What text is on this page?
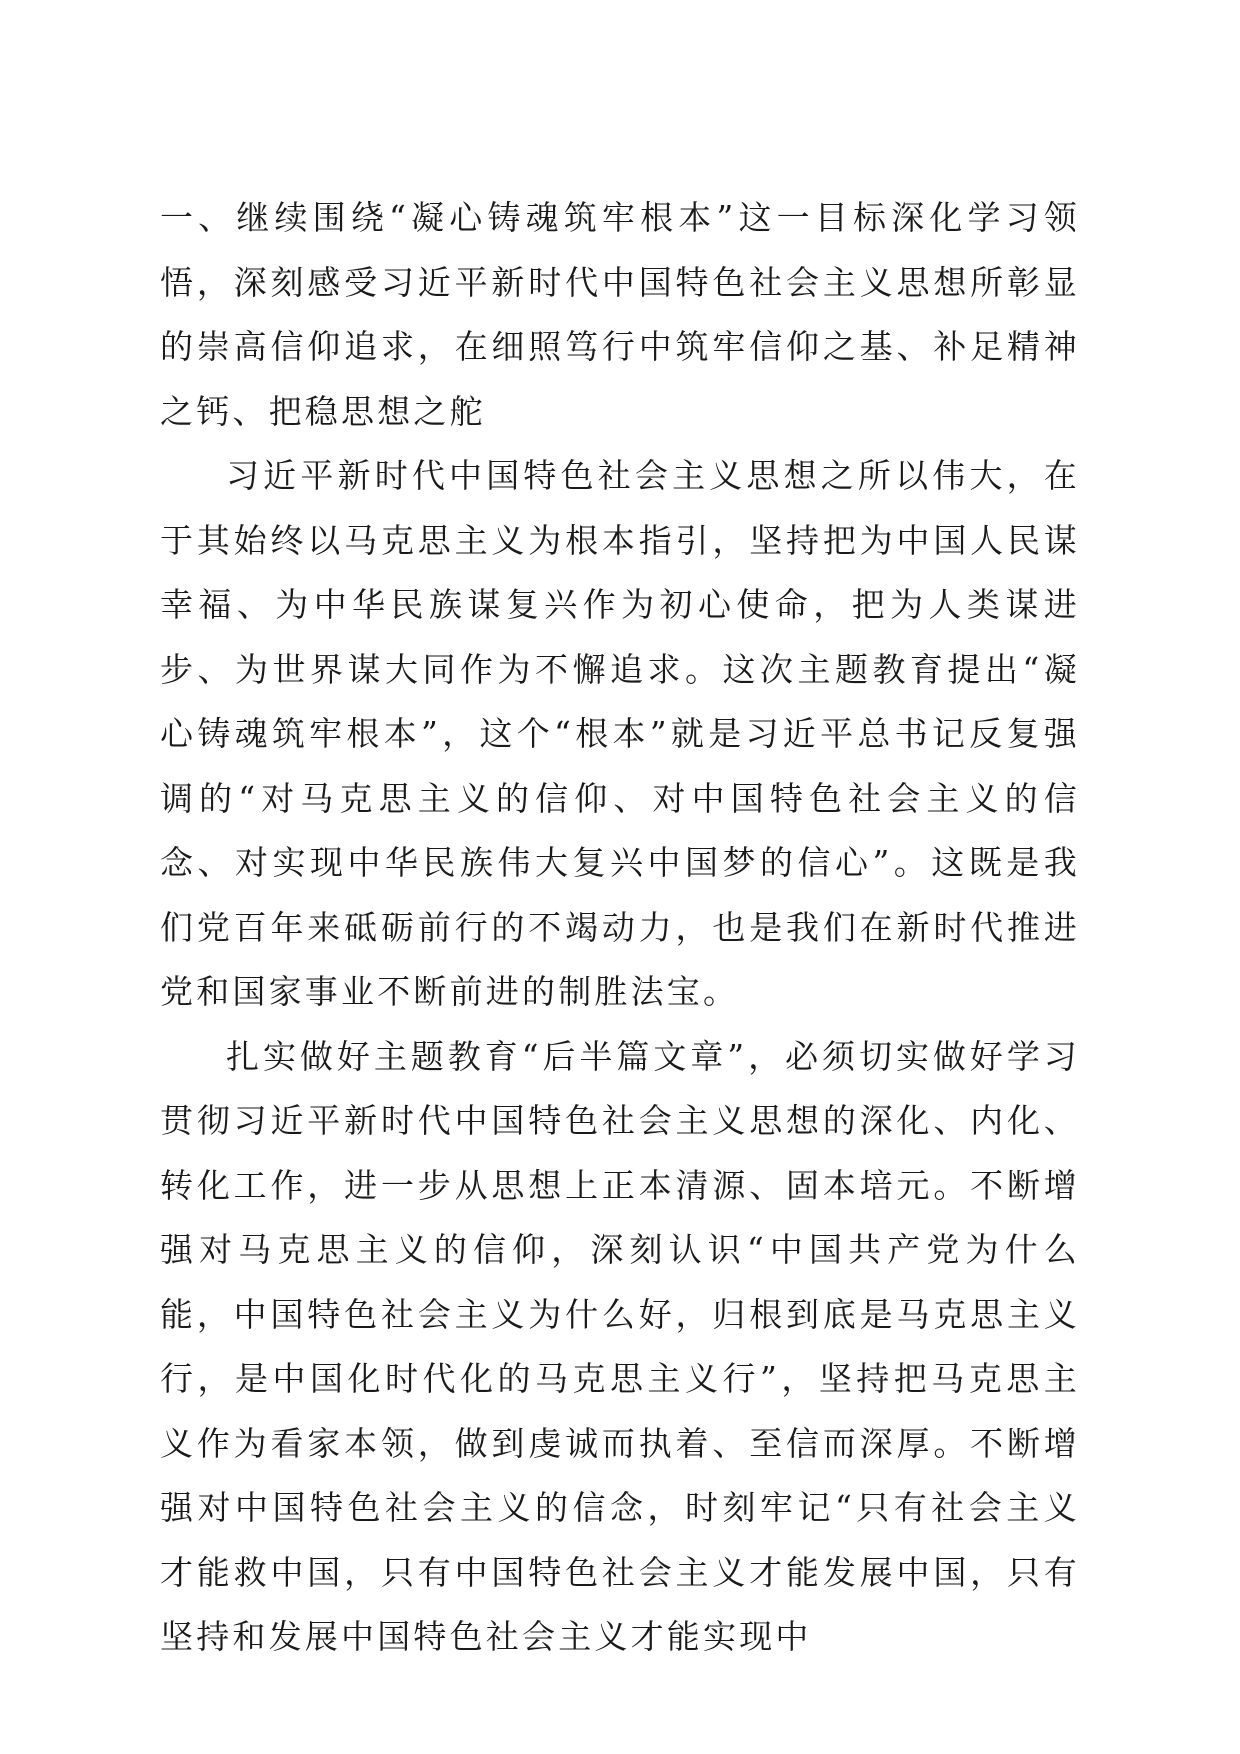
一、继续围绕“凝心铸魂筑牢根本”这一目标深化学习领悟，深刻感受习近平新时代中国特色社会主义思想所彰显的崇高信仰追求，在细照笃行中筑牢信仰之基、补足精神之钙、把稳思想之舵

习近平新时代中国特色社会主义思想之所以伟大，在于其始终以马克思主义为根本指引，坚持把为中国人民谋幸福、为中华民族谋复兴作为初心使命，把为人类谋进步、为世界谋大同作为不懈追求。这次主题教育提出“凝心铸魂筑牢根本”，这个“根本”就是习近平总书记反复强调的“对马克思主义的信仰、对中国特色社会主义的信念、对实现中华民族伟大复兴中国梦的信心”。这既是我们党百年来砥砺前行的不竭动力，也是我们在新时代推进党和国家事业不断前进的制胜法宝。

扎实做好主题教育“后半篇文章”，必须切实做好学习贯彻习近平新时代中国特色社会主义思想的深化、内化、转化工作，进一步从思想上正本清源、固本培元。不断增强对马克思主义的信仰，深刻认识“中国共产党为什么能，中国特色社会主义为什么好，归根到底是马克思主义行，是中国化时代化的马克思主义行”，坚持把马克思主义作为看家本领，做到虔诚而执着、至信而深厚。不断增强对中国特色社会主义的信念，时刻牢记“只有社会主义才能救中国，只有中国特色社会主义才能发展中国，只有坚持和发展中国特色社会主义才能实现中
